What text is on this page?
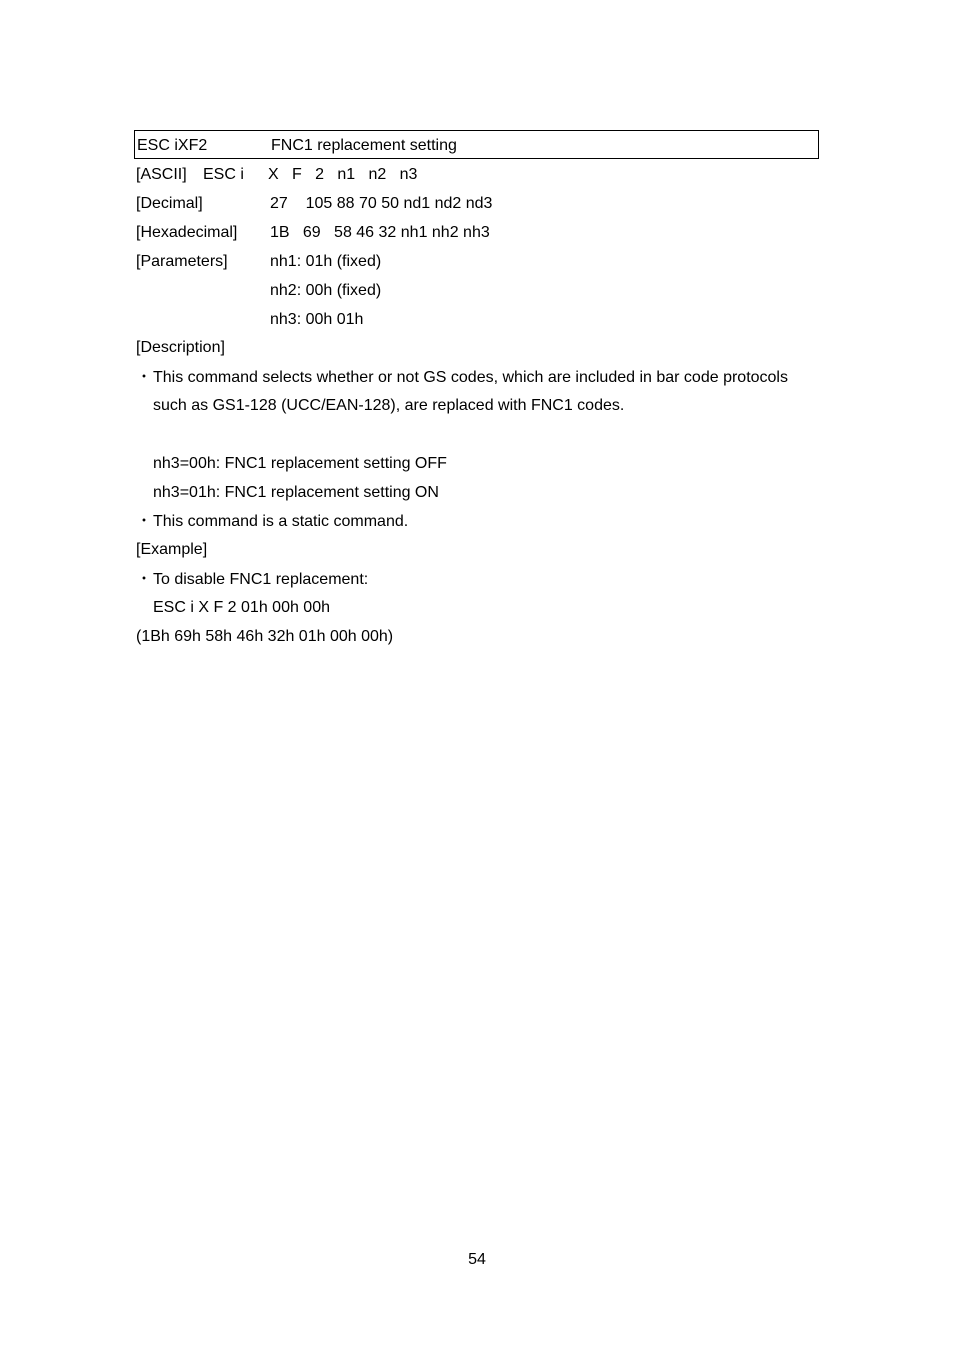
ESC iXF2	FNC1 replacement setting
[ASCII] ESC i X   F   2   n1   n2   n3
[Decimal]	27    105 88 70 50 nd1 nd2 nd3
[Hexadecimal] 1B   69   58 46 32 nh1 nh2 nh3
[Parameters]	nh1: 01h (fixed)
nh2: 00h (fixed)
nh3: 00h 01h
[Description]
・ This command selects whether or not GS codes, which are included in bar code protocols
such as GS1-128 (UCC/EAN-128), are replaced with FNC1 codes.
nh3=00h: FNC1 replacement setting OFF
nh3=01h: FNC1 replacement setting ON
・ This command is a static command.
[Example]
・ To disable FNC1 replacement:
ESC i X F 2 01h 00h 00h
(1Bh 69h 58h 46h 32h 01h 00h 00h)
54
